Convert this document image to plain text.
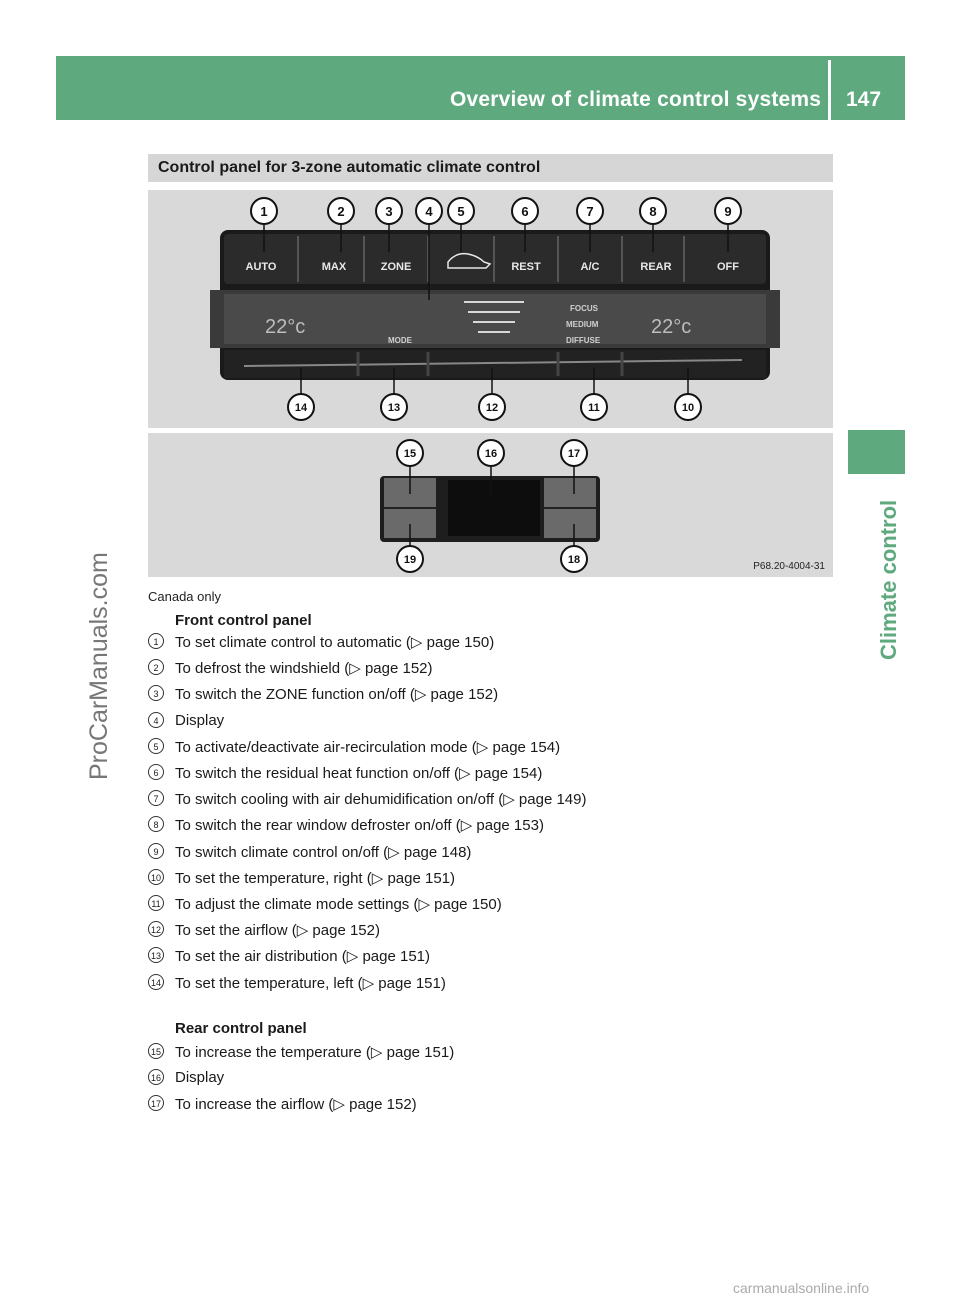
Overview of climate control systems 147
Climate control
ProCarManuals.com
carmanualsonline.info
Control panel for 3-zone automatic climate control
AUTO	MAX	ZONE	REST	A/C	REAR	OFF
22°c	22°c
MODE
FOCUS
MEDIUM
DIFFUSE
1	2	3	4 5	6	7	8	9
14	13	12	11	10
15	16	17
19	18
P68.20-4004-31
Canada only
Front control panel
1	To set climate control to automatic (▷ page 150)
2	To defrost the windshield (▷ page 152)
3	To switch the ZONE function on/off (▷ page 152)
4	Display
5	To activate/deactivate air-recirculation mode (▷ page 154)
6	To switch the residual heat function on/off (▷ page 154)
7	To switch cooling with air dehumidification on/off (▷ page 149)
8	To switch the rear window defroster on/off (▷ page 153)
9	To switch climate control on/off (▷ page 148)
10 To set the temperature, right (▷ page 151)
11 To adjust the climate mode settings (▷ page 150)
12 To set the airflow (▷ page 152)
13 To set the air distribution (▷ page 151)
14 To set the temperature, left (▷ page 151)
Rear control panel
15 To increase the temperature (▷ page 151)
16 Display
17 To increase the airflow (▷ page 152)
